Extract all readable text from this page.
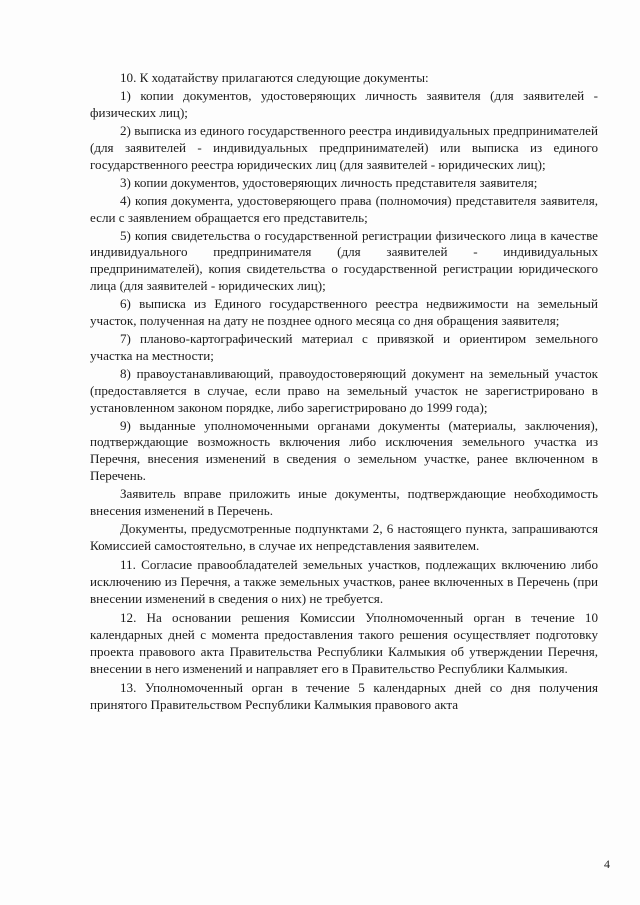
10. К ходатайству прилагаются следующие документы:

1) копии документов, удостоверяющих личность заявителя (для заявителей - физических лиц);

2) выписка из единого государственного реестра индивидуальных предпринимателей (для заявителей - индивидуальных предпринимателей) или выписка из единого государственного реестра юридических лиц (для заявителей - юридических лиц);

3) копии документов, удостоверяющих личность представителя заявителя;

4) копия документа, удостоверяющего права (полномочия) представителя заявителя, если с заявлением обращается его представитель;

5) копия свидетельства о государственной регистрации физического лица в качестве индивидуального предпринимателя (для заявителей - индивидуальных предпринимателей), копия свидетельства о государственной регистрации юридического лица (для заявителей - юридических лиц);

6) выписка из Единого государственного реестра недвижимости на земельный участок, полученная на дату не позднее одного месяца со дня обращения заявителя;

7) планово-картографический материал с привязкой и ориентиром земельного участка на местности;

8) правоустанавливающий, правоудостоверяющий документ на земельный участок (предоставляется в случае, если право на земельный участок не зарегистрировано в установленном законом порядке, либо зарегистрировано до 1999 года);

9) выданные уполномоченными органами документы (материалы, заключения), подтверждающие возможность включения либо исключения земельного участка из Перечня, внесения изменений в сведения о земельном участке, ранее включенном в Перечень.

Заявитель вправе приложить иные документы, подтверждающие необходимость внесения изменений в Перечень.

Документы, предусмотренные подпунктами 2, 6 настоящего пункта, запрашиваются Комиссией самостоятельно, в случае их непредставления заявителем.

11. Согласие правообладателей земельных участков, подлежащих включению либо исключению из Перечня, а также земельных участков, ранее включенных в Перечень (при внесении изменений в сведения о них) не требуется.

12. На основании решения Комиссии Уполномоченный орган в течение 10 календарных дней с момента предоставления такого решения осуществляет подготовку проекта правового акта Правительства Республики Калмыкия об утверждении Перечня, внесении в него изменений и направляет его в Правительство Республики Калмыкия.

13. Уполномоченный орган в течение 5 календарных дней со дня получения принятого Правительством Республики Калмыкия правового акта

4
